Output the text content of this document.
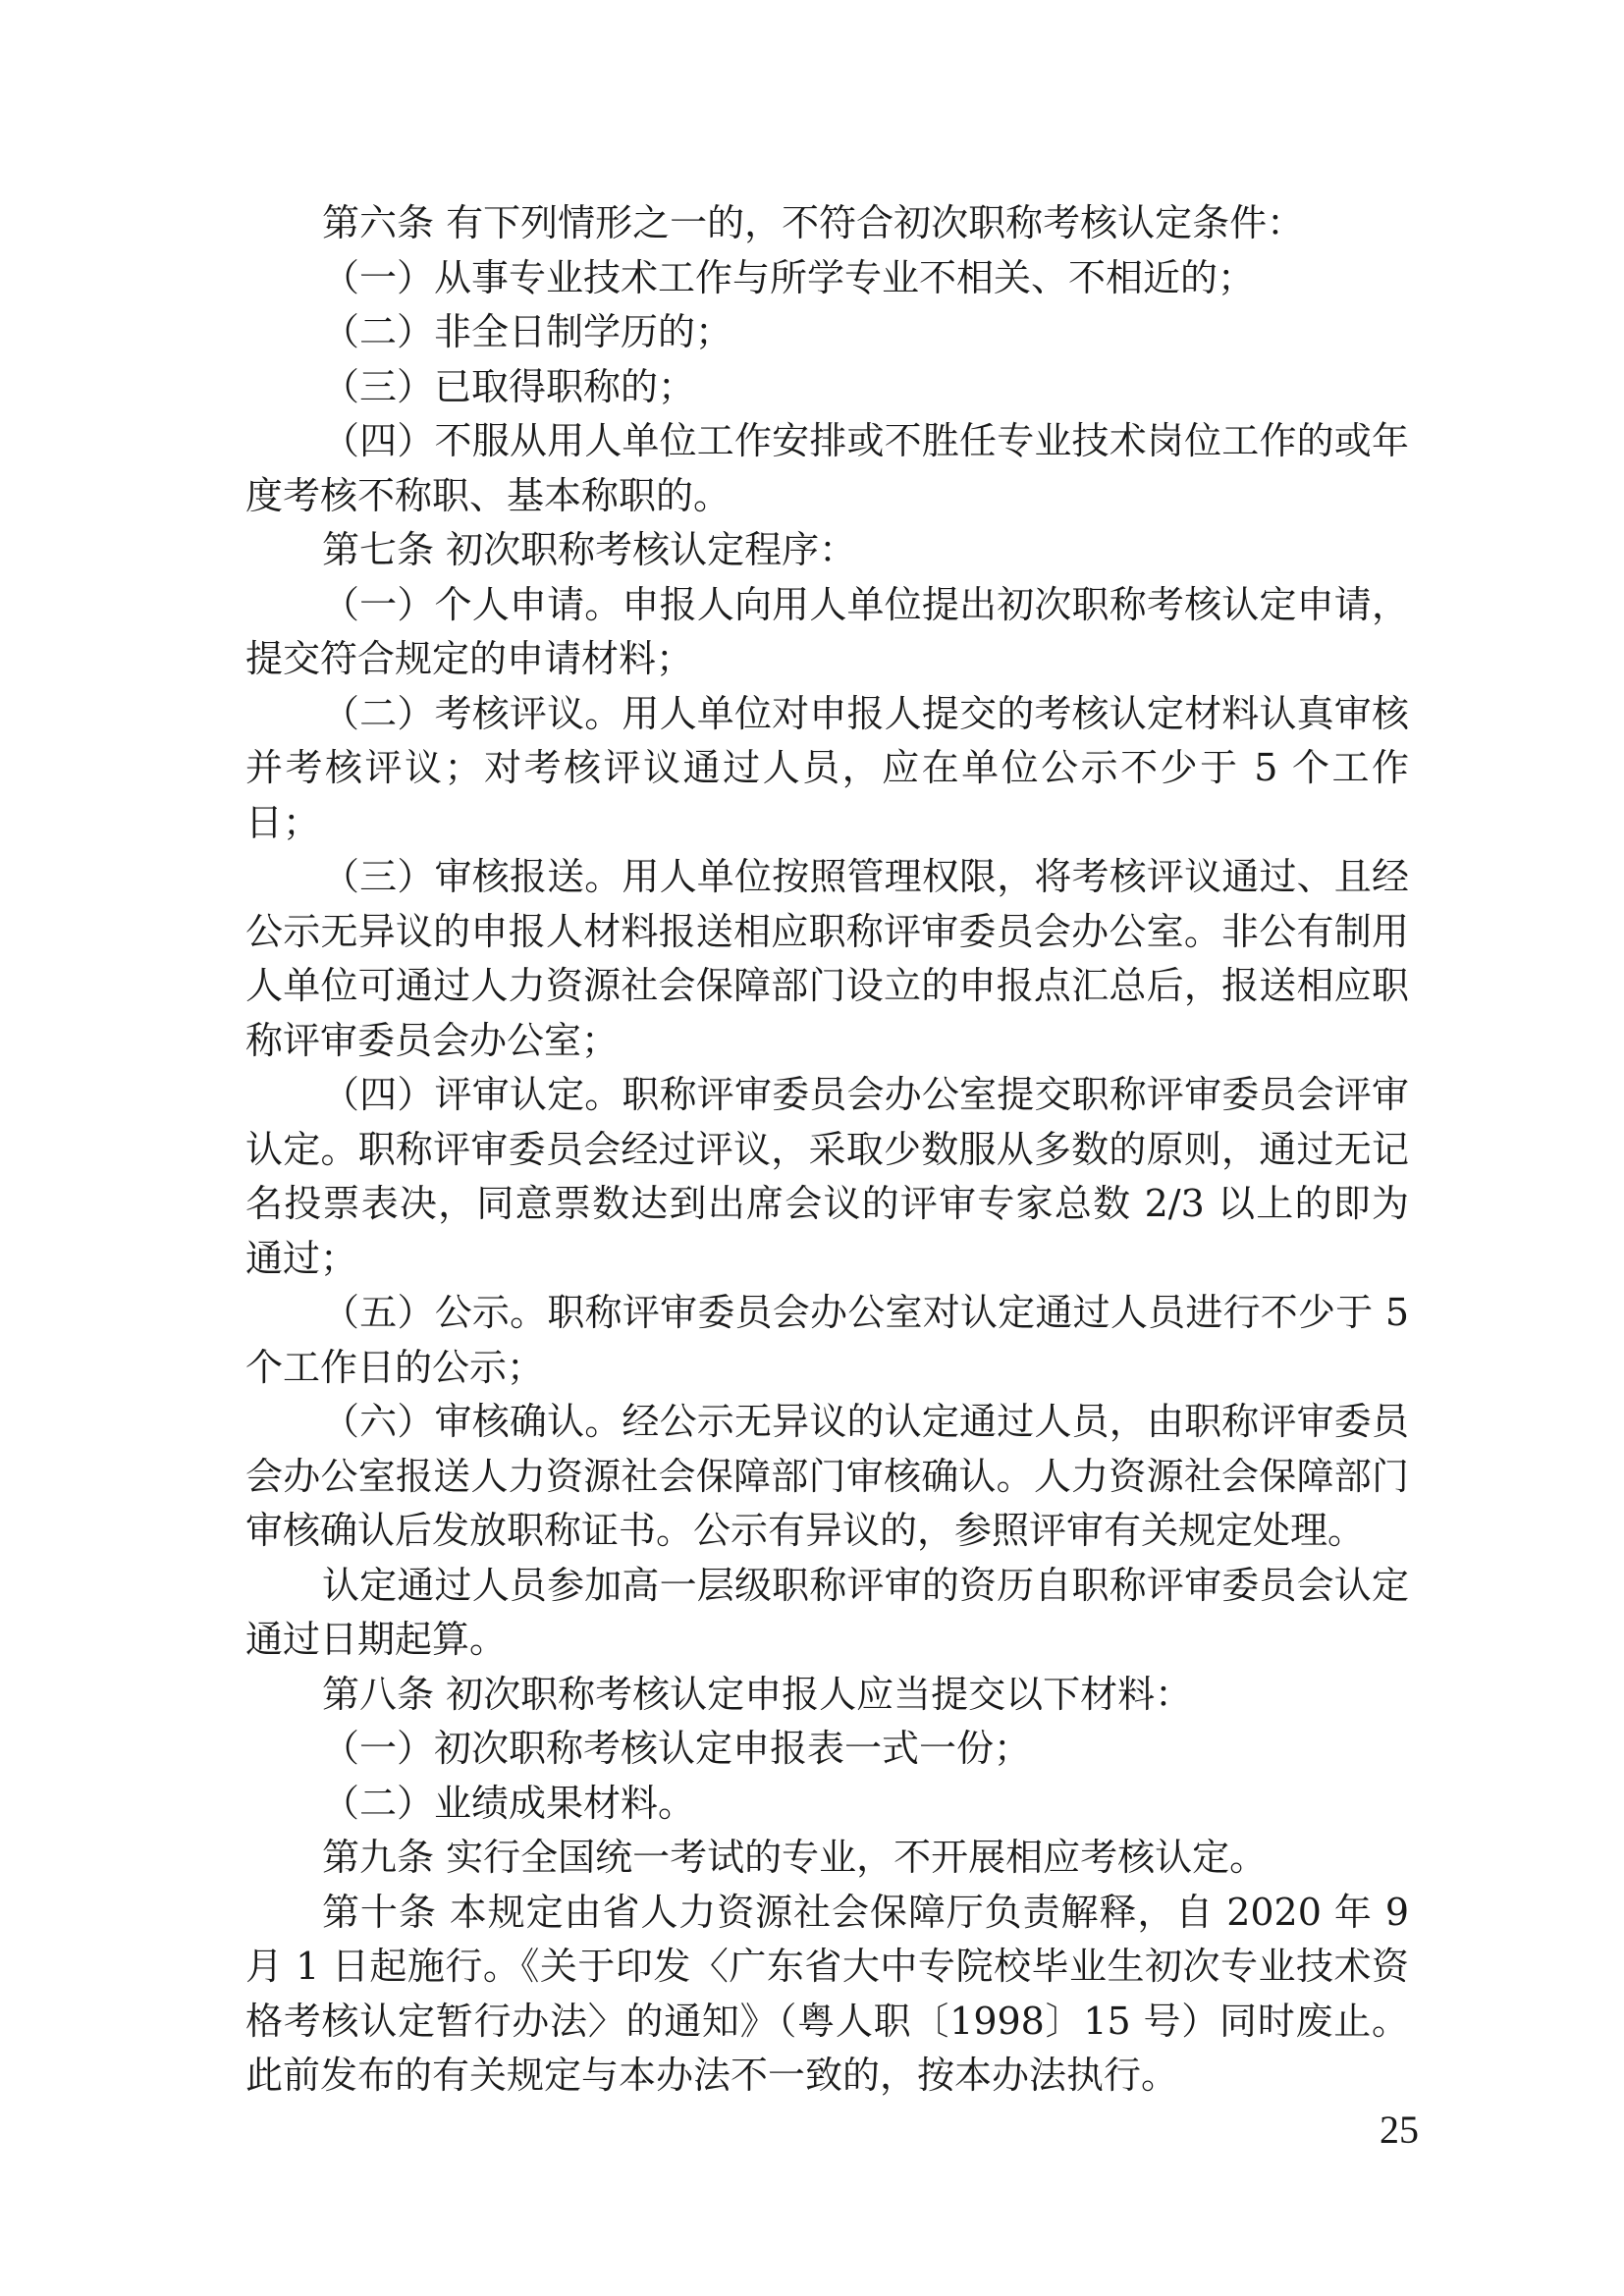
第六条 有下列情形之一的，不符合初次职称考核认定条件：

（一）从事专业技术工作与所学专业不相关、不相近的；

（二）非全日制学历的；

（三）已取得职称的；

（四）不服从用人单位工作安排或不胜任专业技术岗位工作的或年度考核不称职、基本称职的。

第七条 初次职称考核认定程序：

（一）个人申请。申报人向用人单位提出初次职称考核认定申请，提交符合规定的申请材料；

（二）考核评议。用人单位对申报人提交的考核认定材料认真审核并考核评议；对考核评议通过人员，应在单位公示不少于 5 个工作日；

（三）审核报送。用人单位按照管理权限，将考核评议通过、且经公示无异议的申报人材料报送相应职称评审委员会办公室。非公有制用人单位可通过人力资源社会保障部门设立的申报点汇总后，报送相应职称评审委员会办公室；

（四）评审认定。职称评审委员会办公室提交职称评审委员会评审认定。职称评审委员会经过评议，采取少数服从多数的原则，通过无记名投票表决，同意票数达到出席会议的评审专家总数 2/3 以上的即为通过；

（五）公示。职称评审委员会办公室对认定通过人员进行不少于 5 个工作日的公示；

（六）审核确认。经公示无异议的认定通过人员，由职称评审委员会办公室报送人力资源社会保障部门审核确认。人力资源社会保障部门审核确认后发放职称证书。公示有异议的，参照评审有关规定处理。

认定通过人员参加高一层级职称评审的资历自职称评审委员会认定通过日期起算。

第八条 初次职称考核认定申报人应当提交以下材料：

（一）初次职称考核认定申报表一式一份；

（二）业绩成果材料。

第九条 实行全国统一考试的专业，不开展相应考核认定。

第十条 本规定由省人力资源社会保障厅负责解释，自 2020 年 9 月 1 日起施行。《关于印发〈广东省大中专院校毕业生初次专业技术资格考核认定暂行办法〉的通知》（粤人职〔1998〕15 号）同时废止。此前发布的有关规定与本办法不一致的，按本办法执行。

25
